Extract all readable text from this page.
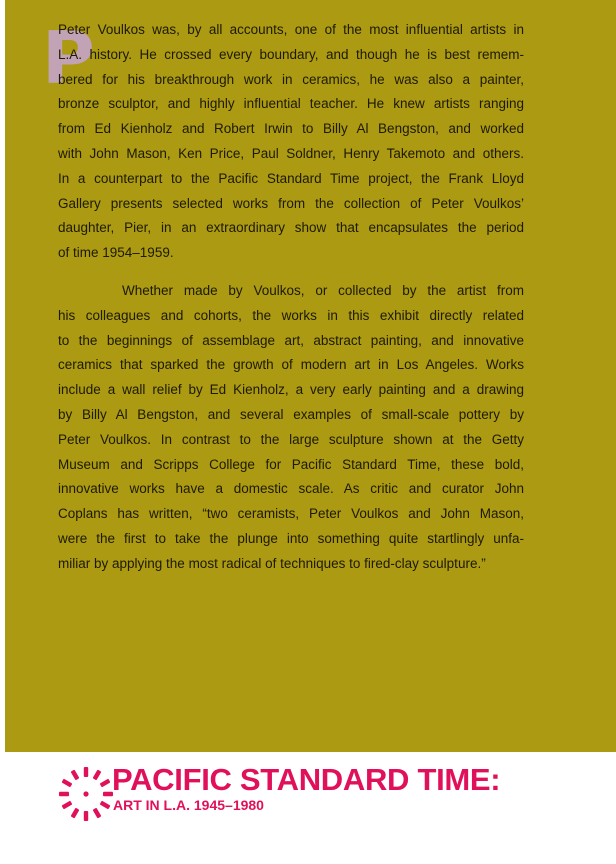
P
Peter Voulkos was, by all accounts, one of the most influential artists in
L.A. history. He crossed every boundary, and though he is best remem-
bered for his breakthrough work in ceramics, he was also a painter,
bronze sculptor, and highly influential teacher. He knew artists ranging
from Ed Kienholz and Robert Irwin to Billy Al Bengston, and worked
with John Mason, Ken Price, Paul Soldner, Henry Takemoto and others.
In a counterpart to the Pacific Standard Time project, the Frank Lloyd
Gallery presents selected works from the collection of Peter Voulkos’
daughter, Pier, in an extraordinary show that encapsulates the period
of time 1954–1959.
Whether made by Voulkos, or collected by the artist from
his colleagues and cohorts, the works in this exhibit directly related
to the beginnings of assemblage art, abstract painting, and innovative
ceramics that sparked the growth of modern art in Los Angeles. Works
include a wall relief by Ed Kienholz, a very early painting and a drawing
by Billy Al Bengston, and several examples of small-scale pottery by
Peter Voulkos. In contrast to the large sculpture shown at the Getty
Museum and Scripps College for Pacific Standard Time, these bold,
innovative works have a domestic scale. As critic and curator John
Coplans has written, “two ceramists, Peter Voulkos and John Mason,
were the first to take the plunge into something quite startlingly unfa-
miliar by applying the most radical of techniques to fired-clay sculpture.”
PACIFIC STANDARD TIME:
ART IN L.A. 1945–1980
